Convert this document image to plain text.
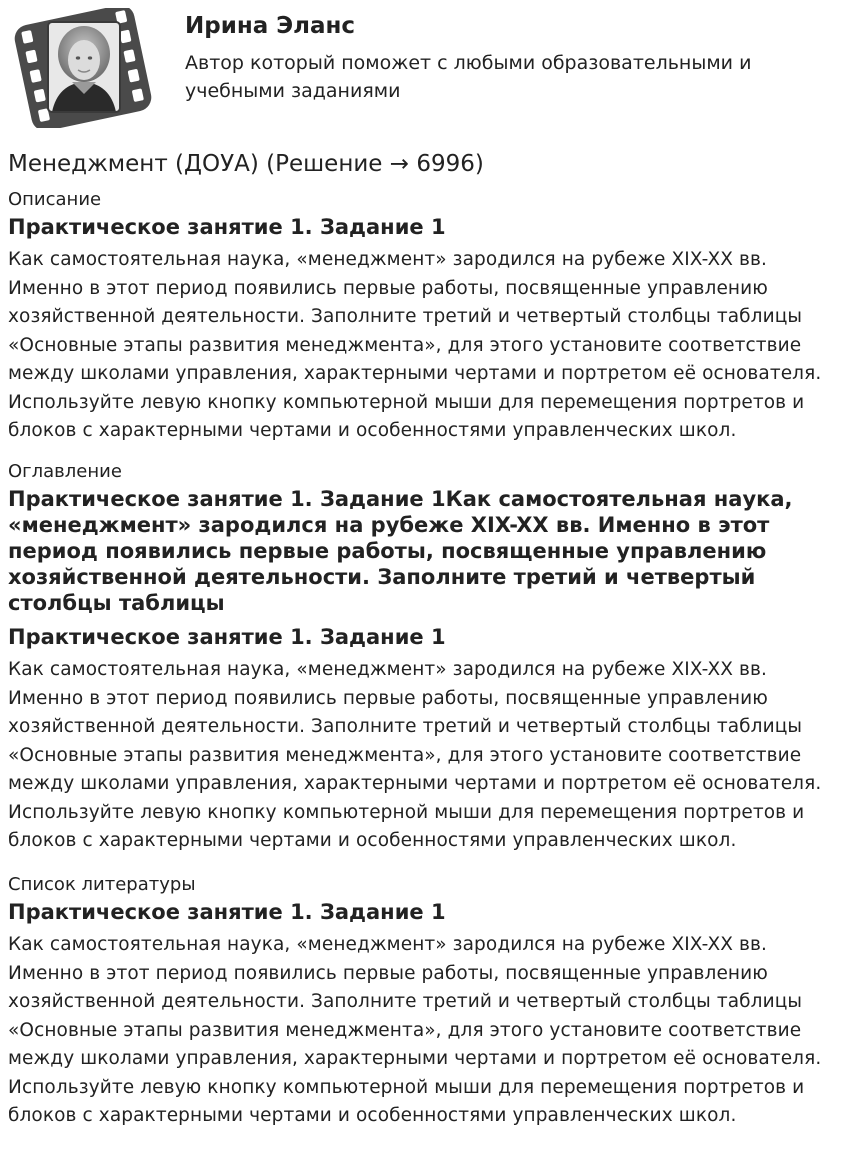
Ирина Эланс

Автор который поможет с любыми образовательными и учебными заданиями

Менеджмент (ДОУА) (Решение → 6996)

Описание

Практическое занятие 1. Задание 1

Как самостоятельная наука, «менеджмент» зародился на рубеже XIX-XX вв. Именно в этот период появились первые работы, посвященные управлению хозяйственной деятельности. Заполните третий и четвертый столбцы таблицы «Основные этапы развития менеджмента», для этого установите соответствие между школами управления, характерными чертами и портретом её основателя. Используйте левую кнопку компьютерной мыши для перемещения портретов и блоков с характерными чертами и особенностями управленческих школ.

Оглавление

Практическое занятие 1. Задание 1Как самостоятельная наука, «менеджмент» зародился на рубеже XIX-XX вв. Именно в этот период появились первые работы, посвященные управлению хозяйственной деятельности. Заполните третий и четвертый столбцы таблицы
Практическое занятие 1. Задание 1

Как самостоятельная наука, «менеджмент» зародился на рубеже XIX-XX вв. Именно в этот период появились первые работы, посвященные управлению хозяйственной деятельности. Заполните третий и четвертый столбцы таблицы «Основные этапы развития менеджмента», для этого установите соответствие между школами управления, характерными чертами и портретом её основателя. Используйте левую кнопку компьютерной мыши для перемещения портретов и блоков с характерными чертами и особенностями управленческих школ.

Список литературы

Практическое занятие 1. Задание 1

Как самостоятельная наука, «менеджмент» зародился на рубеже XIX-XX вв. Именно в этот период появились первые работы, посвященные управлению хозяйственной деятельности. Заполните третий и четвертый столбцы таблицы «Основные этапы развития менеджмента», для этого установите соответствие между школами управления, характерными чертами и портретом её основателя. Используйте левую кнопку компьютерной мыши для перемещения портретов и блоков с характерными чертами и особенностями управленческих школ.
